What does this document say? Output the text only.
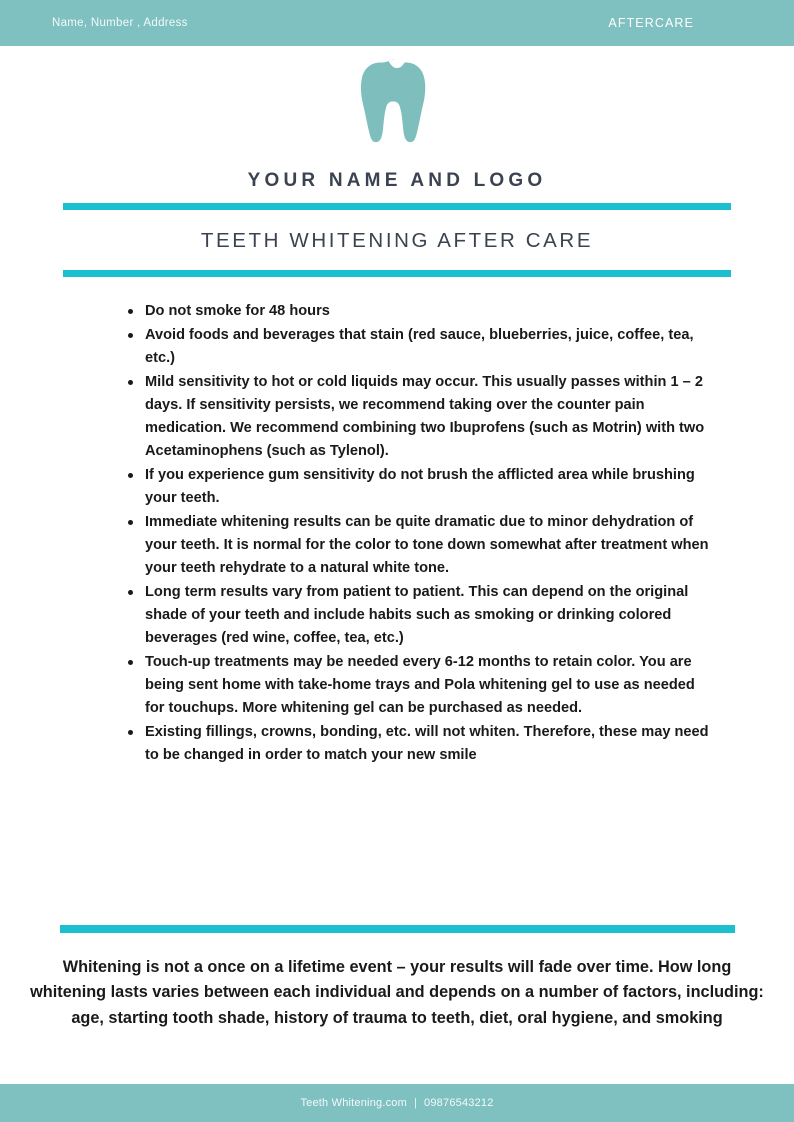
Name, Number , Address	AFTERCARE
YOUR NAME AND LOGO
TEETH WHITENING AFTER CARE
Do not smoke for 48 hours
Avoid foods and beverages that stain (red sauce, blueberries, juice, coffee, tea, etc.)
Mild sensitivity to hot or cold liquids may occur. This usually passes within 1 – 2 days. If sensitivity persists, we recommend taking over the counter pain medication. We recommend combining two Ibuprofens (such as Motrin) with two Acetaminophens (such as Tylenol).
If you experience gum sensitivity do not brush the afflicted area while brushing your teeth.
Immediate whitening results can be quite dramatic due to minor dehydration of your teeth. It is normal for the color to tone down somewhat after treatment when your teeth rehydrate to a natural white tone.
Long term results vary from patient to patient. This can depend on the original shade of your teeth and include habits such as smoking or drinking colored beverages (red wine, coffee, tea, etc.)
Touch-up treatments may be needed every 6-12 months to retain color. You are being sent home with take-home trays and Pola whitening gel to use as needed for touchups. More whitening gel can be purchased as needed.
Existing fillings, crowns, bonding, etc. will not whiten. Therefore, these may need to be changed in order to match your new smile
Whitening is not a once on a lifetime event – your results will fade over time. How long whitening lasts varies between each individual and depends on a number of factors, including: age, starting tooth shade, history of trauma to teeth, diet, oral hygiene, and smoking
Teeth Whitening.com | 09876543212
